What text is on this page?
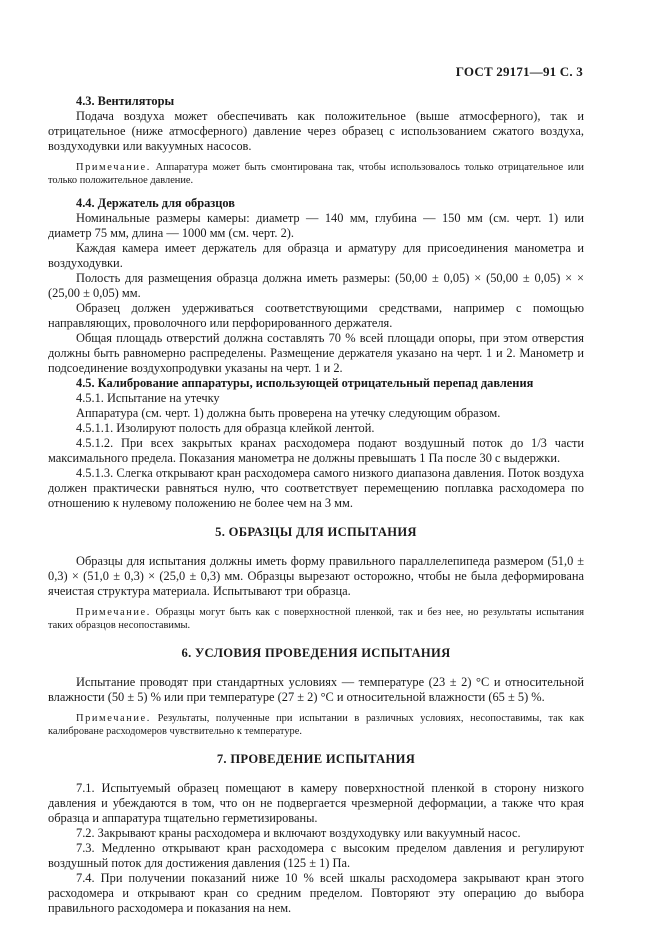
ГОСТ 29171—91 С. 3
4.3. Вентиляторы

Подача воздуха может обеспечивать как положительное (выше атмосферного), так и отрицательное (ниже атмосферного) давление через образец с использованием сжатого воздуха, воздуходувки или вакуумных насосов.

Примечание. Аппаратура может быть смонтирована так, чтобы использовалось только отрицательное или только положительное давление.

4.4. Держатель для образцов

Номинальные размеры камеры: диаметр — 140 мм, глубина — 150 мм (см. черт. 1) или диаметр 75 мм, длина — 1000 мм (см. черт. 2).

Каждая камера имеет держатель для образца и арматуру для присоединения манометра и воздуходувки.

Полость для размещения образца должна иметь размеры: (50,00 ± 0,05) × (50,00 ± 0,05) × × (25,00 ± 0,05) мм.

Образец должен удерживаться соответствующими средствами, например с помощью направляющих, проволочного или перфорированного держателя.

Общая площадь отверстий должна составлять 70 % всей площади опоры, при этом отверстия должны быть равномерно распределены. Размещение держателя указано на черт. 1 и 2. Манометр и подсоединение воздухопродувки указаны на черт. 1 и 2.

4.5. Калибрование аппаратуры, использующей отрицательный перепад давления

4.5.1. Испытание на утечку

Аппаратура (см. черт. 1) должна быть проверена на утечку следующим образом.

4.5.1.1. Изолируют полость для образца клейкой лентой.

4.5.1.2. При всех закрытых кранах расходомера подают воздушный поток до 1/3 части максимального предела. Показания манометра не должны превышать 1 Па после 30 с выдержки.

4.5.1.3. Слегка открывают кран расходомера самого низкого диапазона давления. Поток воздуха должен практически равняться нулю, что соответствует перемещению поплавка расходомера по отношению к нулевому положению не более чем на 3 мм.

5. ОБРАЗЦЫ ДЛЯ ИСПЫТАНИЯ

Образцы для испытания должны иметь форму правильного параллелепипеда размером (51,0 ± 0,3) × (51,0 ± 0,3) × (25,0 ± 0,3) мм. Образцы вырезают осторожно, чтобы не была деформирована ячеистая структура материала. Испытывают три образца.

Примечание. Образцы могут быть как с поверхностной пленкой, так и без нее, но результаты испытания таких образцов несопоставимы.

6. УСЛОВИЯ ПРОВЕДЕНИЯ ИСПЫТАНИЯ

Испытание проводят при стандартных условиях — температуре (23 ± 2) °С и относительной влажности (50 ± 5) % или при температуре (27 ± 2) °С и относительной влажности (65 ± 5) %.

Примечание. Результаты, полученные при испытании в различных условиях, несопоставимы, так как калиброване расходомеров чувствительно к температуре.

7. ПРОВЕДЕНИЕ ИСПЫТАНИЯ

7.1. Испытуемый образец помещают в камеру поверхностной пленкой в сторону низкого давления и убеждаются в том, что он не подвергается чрезмерной деформации, а также что края образца и аппаратура тщательно герметизированы.

7.2. Закрывают краны расходомера и включают воздуходувку или вакуумный насос.

7.3. Медленно открывают кран расходомера с высоким пределом давления и регулируют воздушный поток для достижения давления (125 ± 1) Па.

7.4. При получении показаний ниже 10 % всей шкалы расходомера закрывают кран этого расходомера и открывают кран со средним пределом. Повторяют эту операцию до выбора правильного расходомера и показания на нем.
